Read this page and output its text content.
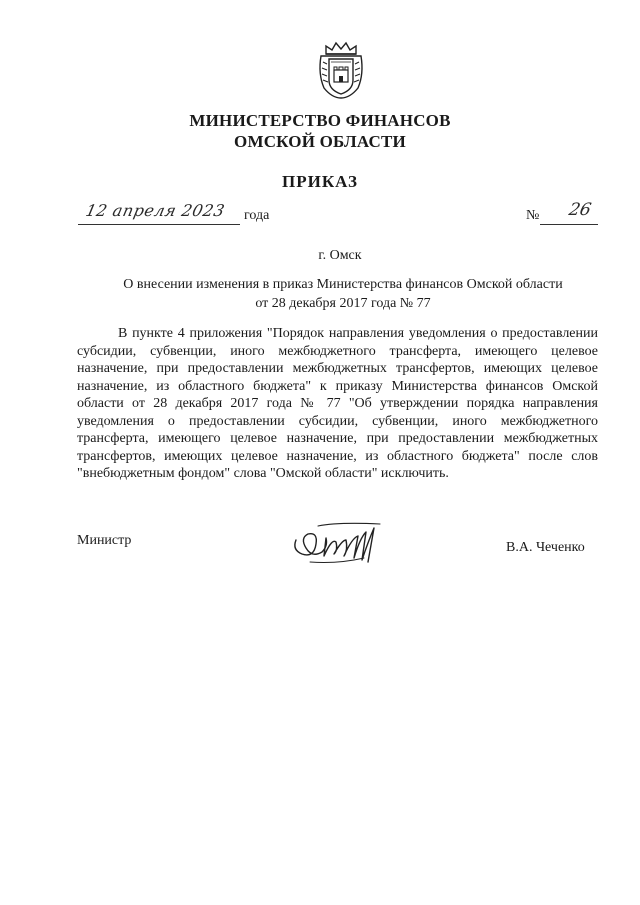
МИНИСТЕРСТВО ФИНАНСОВ
ОМСКОЙ ОБЛАСТИ
ПРИКАЗ
12 апреля 2023	года	№	26
г. Омск
О внесении изменения в приказ Министерства финансов Омской области
от 28 декабря 2017 года № 77
В пункте 4 приложения "Порядок направления уведомления о предоставлении субсидии, субвенции, иного межбюджетного трансферта, имеющего целевое назначение, при предоставлении межбюджетных трансфертов, имеющих целевое назначение, из областного бюджета" к приказу Министерства финансов Омской области от 28 декабря 2017 года № 77 "Об утверждении порядка направления уведомления о предоставлении субсидии, субвенции, иного межбюджетного трансферта, имеющего целевое назначение, при предоставлении межбюджетных трансфертов, имеющих целевое назначение, из областного бюджета" после слов "внебюджетным фондом" слова "Омской области" исключить.
Министр	В.А. Чеченко
